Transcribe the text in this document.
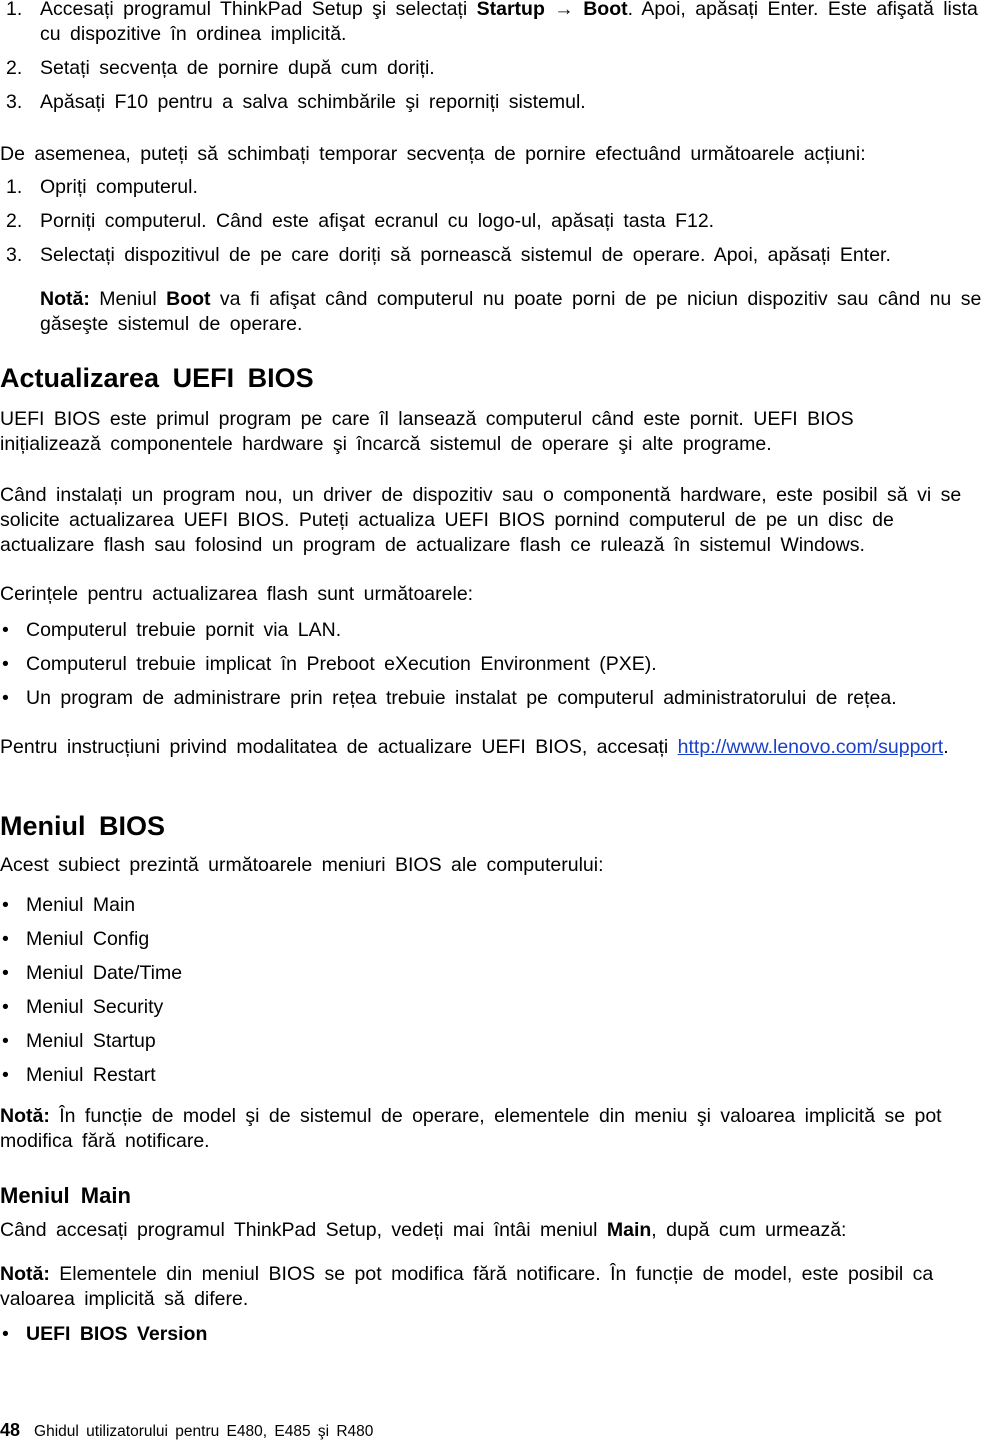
1. Accesați programul ThinkPad Setup şi selectați Startup → Boot. Apoi, apăsați Enter. Este afişată lista cu dispozitive în ordinea implicită.
2. Setați secvența de pornire după cum doriți.
3. Apăsați F10 pentru a salva schimbările şi reporniți sistemul.

De asemenea, puteți să schimbați temporar secvența de pornire efectuând următoarele acțiuni:

1. Opriți computerul.
2. Porniți computerul. Când este afişat ecranul cu logo-ul, apăsați tasta F12.
3. Selectați dispozitivul de pe care doriți să pornească sistemul de operare. Apoi, apăsați Enter.

Notă: Meniul Boot va fi afişat când computerul nu poate porni de pe niciun dispozitiv sau când nu se găseşte sistemul de operare.

Actualizarea UEFI BIOS

UEFI BIOS este primul program pe care îl lansează computerul când este pornit. UEFI BIOS inițializează componentele hardware şi încarcă sistemul de operare şi alte programe.

Când instalați un program nou, un driver de dispozitiv sau o componentă hardware, este posibil să vi se solicite actualizarea UEFI BIOS. Puteți actualiza UEFI BIOS pornind computerul de pe un disc de actualizare flash sau folosind un program de actualizare flash ce rulează în sistemul Windows.

Cerințele pentru actualizarea flash sunt următoarele:

• Computerul trebuie pornit via LAN.
• Computerul trebuie implicat în Preboot eXecution Environment (PXE).
• Un program de administrare prin rețea trebuie instalat pe computerul administratorului de rețea.

Pentru instrucțiuni privind modalitatea de actualizare UEFI BIOS, accesați http://www.lenovo.com/support.

Meniul BIOS

Acest subiect prezintă următoarele meniuri BIOS ale computerului:

• Meniul Main
• Meniul Config
• Meniul Date/Time
• Meniul Security
• Meniul Startup
• Meniul Restart

Notă: În funcție de model şi de sistemul de operare, elementele din meniu şi valoarea implicită se pot modifica fără notificare.

Meniul Main

Când accesați programul ThinkPad Setup, vedeți mai întâi meniul Main, după cum urmează:

Notă: Elementele din meniul BIOS se pot modifica fără notificare. În funcție de model, este posibil ca valoarea implicită să difere.

• UEFI BIOS Version
48 Ghidul utilizatorului pentru E480, E485 şi R480
